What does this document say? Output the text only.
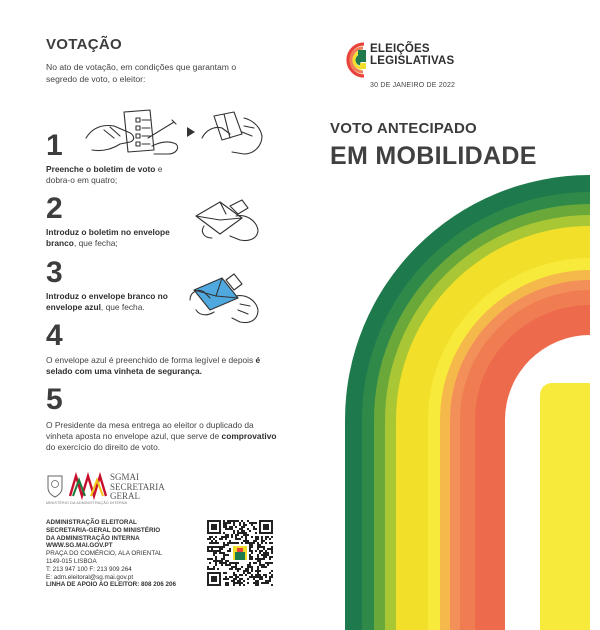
VOTAÇÃO
No ato de votação, em condições que garantam o segredo de voto, o eleitor:
1
Preenche o boletim de voto e dobra-o em quatro;
2
Introduz o boletim no envelope branco, que fecha;
3
Introduz o envelope branco no envelope azul, que fecha.
4
O envelope azul é preenchido de forma legível e depois é selado com uma vinheta de segurança.
5
O Presidente da mesa entrega ao eleitor o duplicado da vinheta aposta no envelope azul, que serve de comprovativo do exercício do direito de voto.
SGMAI
SECRETARIA
GERAL
MINISTÉRIO DA ADMINISTRAÇÃO INTERNA
ADMINISTRAÇÃO ELEITORAL
SECRETARIA-GERAL DO MINISTÉRIO
DA ADMINISTRAÇÃO INTERNA
WWW.SG.MAI.GOV.PT
PRAÇA DO COMÉRCIO, ALA ORIENTAL
1149-015 LISBOA
T: 213 947 100 F: 213 909 264
E: adm.eleitoral@sg.mai.gov.pt
LINHA DE APOIO AO ELEITOR: 808 206 206
ELEIÇÕES
LEGISLATIVAS
30 DE JANEIRO DE 2022
VOTO ANTECIPADO
EM MOBILIDADE
